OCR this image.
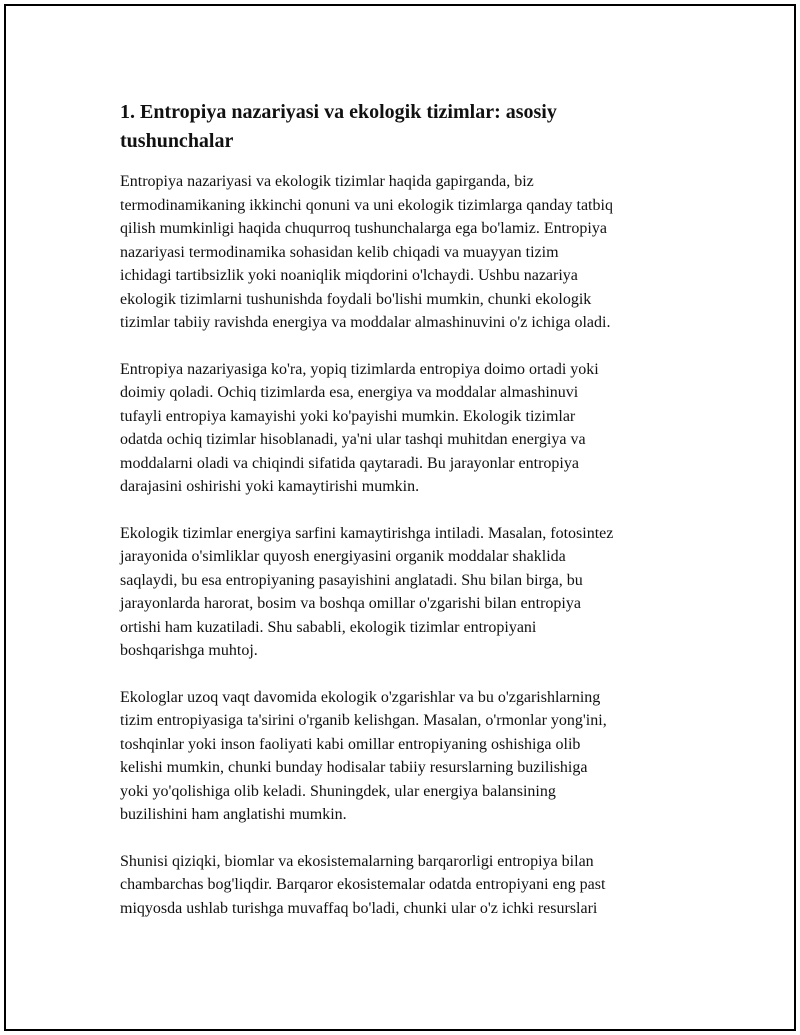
1. Entropiya nazariyasi va ekologik tizimlar: asosiy
tushunchalar

Entropiya nazariyasi va ekologik tizimlar haqida gapirganda, biz
termodinamikaning ikkinchi qonuni va uni ekologik tizimlarga qanday tatbiq
qilish mumkinligi haqida chuqurroq tushunchalarga ega bo'lamiz. Entropiya
nazariyasi termodinamika sohasidan kelib chiqadi va muayyan tizim
ichidagi tartibsizlik yoki noaniqlik miqdorini o'lchaydi. Ushbu nazariya
ekologik tizimlarni tushunishda foydali bo'lishi mumkin, chunki ekologik
tizimlar tabiiy ravishda energiya va moddalar almashinuvini o'z ichiga oladi.

Entropiya nazariyasiga ko'ra, yopiq tizimlarda entropiya doimo ortadi yoki
doimiy qoladi. Ochiq tizimlarda esa, energiya va moddalar almashinuvi
tufayli entropiya kamayishi yoki ko'payishi mumkin. Ekologik tizimlar
odatda ochiq tizimlar hisoblanadi, ya'ni ular tashqi muhitdan energiya va
moddalarni oladi va chiqindi sifatida qaytaradi. Bu jarayonlar entropiya
darajasini oshirishi yoki kamaytirishi mumkin.

Ekologik tizimlar energiya sarfini kamaytirishga intiladi. Masalan, fotosintez
jarayonida o'simliklar quyosh energiyasini organik moddalar shaklida
saqlaydi, bu esa entropiyaning pasayishini anglatadi. Shu bilan birga, bu
jarayonlarda harorat, bosim va boshqa omillar o'zgarishi bilan entropiya
ortishi ham kuzatiladi. Shu sababli, ekologik tizimlar entropiyani
boshqarishga muhtoj.

Ekologlar uzoq vaqt davomida ekologik o'zgarishlar va bu o'zgarishlarning
tizim entropiyasiga ta'sirini o'rganib kelishgan. Masalan, o'rmonlar yong'ini,
toshqinlar yoki inson faoliyati kabi omillar entropiyaning oshishiga olib
kelishi mumkin, chunki bunday hodisalar tabiiy resurslarning buzilishiga
yoki yo'qolishiga olib keladi. Shuningdek, ular energiya balansining
buzilishini ham anglatishi mumkin.

Shunisi qiziqki, biomlar va ekosistemalarning barqarorligi entropiya bilan
chambarchas bog'liqdir. Barqaror ekosistemalar odatda entropiyani eng past
miqyosda ushlab turishga muvaffaq bo'ladi, chunki ular o'z ichki resurslari
